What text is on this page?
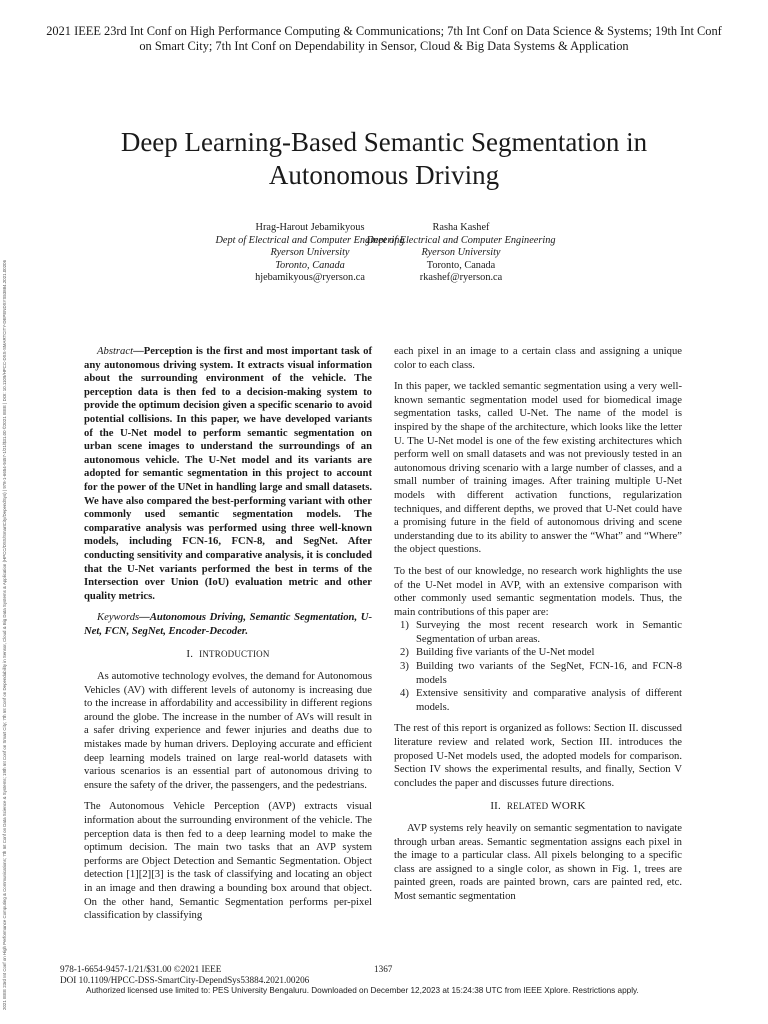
2021 IEEE 23rd Int Conf on High Performance Computing & Communications; 7th Int Conf on Data Science & Systems; 19th Int Conf on Smart City; 7th Int Conf on Dependability in Sensor, Cloud & Big Data Systems & Application (HPCC/DSS/SmartCity/DependSys) | 978-1-6654-9457-1/21/$31.00 ©2021 IEEE | DOI: 10.1109/HPCC-DSS-SMARTCITY-DEPENDSYS53884.2021.00206
2021 IEEE 23rd Int Conf on High Performance Computing & Communications; 7th Int Conf on Data Science & Systems; 19th Int Conf on Smart City; 7th Int Conf on Dependability in Sensor, Cloud & Big Data Systems & Application
Deep Learning-Based Semantic Segmentation in Autonomous Driving
Hrag-Harout Jebamikyous
Dept of Electrical and Computer Engineering
Ryerson University
Toronto, Canada
hjebamikyous@ryerson.ca
Rasha Kashef
Dept of Electrical and Computer Engineering
Ryerson University
Toronto, Canada
rkashef@ryerson.ca

Abstract—Perception is the first and most important task of any autonomous driving system. It extracts visual information about the surrounding environment of the vehicle. The perception data is then fed to a decision-making system to provide the optimum decision given a specific scenario to avoid potential collisions. In this paper, we have developed variants of the U-Net model to perform semantic segmentation on urban scene images to understand the surroundings of an autonomous vehicle. The U-Net model and its variants are adopted for semantic segmentation in this project to account for the power of the UNet in handling large and small datasets. We have also compared the best-performing variant with other commonly used semantic segmentation models. The comparative analysis was performed using three well-known models, including FCN-16, FCN-8, and SegNet. After conducting sensitivity and comparative analysis, it is concluded that the U-Net variants performed the best in terms of the Intersection over Union (IoU) evaluation metric and other quality metrics.

Keywords—Autonomous Driving, Semantic Segmentation, U-Net, FCN, SegNet, Encoder-Decoder.

I. INTRODUCTION

As automotive technology evolves, the demand for Autonomous Vehicles (AV) with different levels of autonomy is increasing due to the increase in affordability and accessibility in different regions around the globe. The increase in the number of AVs will result in a safer driving experience and fewer injuries and deaths due to mistakes made by human drivers. Deploying accurate and efficient deep learning models trained on large real-world datasets with various scenarios is an essential part of autonomous driving to ensure the safety of the driver, the passengers, and the pedestrians.

The Autonomous Vehicle Perception (AVP) extracts visual information about the surrounding environment of the vehicle. The perception data is then fed to a deep learning model to make the optimum decision. The main two tasks that an AVP system performs are Object Detection and Semantic Segmentation. Object detection [1][2][3] is the task of classifying and locating an object in an image and then drawing a bounding box around that object. On the other hand, Semantic Segmentation performs per-pixel classification by classifying

each pixel in an image to a certain class and assigning a unique color to each class.

In this paper, we tackled semantic segmentation using a very well-known semantic segmentation model used for biomedical image segmentation tasks, called U-Net. The name of the model is inspired by the shape of the architecture, which looks like the letter U. The U-Net model is one of the few existing architectures which perform well on small datasets and was not previously tested in an autonomous driving scenario with a large number of classes, and a small number of training images. After training multiple U-Net models with different activation functions, regularization techniques, and different depths, we proved that U-Net could have a promising future in the field of autonomous driving and scene understanding due to its ability to answer the “What” and “Where” the object questions.

To the best of our knowledge, no research work highlights the use of the U-Net model in AVP, with an extensive comparison with other commonly used semantic segmentation models. Thus, the main contributions of this paper are:

1) Surveying the most recent research work in Semantic Segmentation of urban areas.
2) Building five variants of the U-Net model
3) Building two variants of the SegNet, FCN-16, and FCN-8 models
4) Extensive sensitivity and comparative analysis of different models.

The rest of this report is organized as follows: Section II. discussed literature review and related work, Section III. introduces the proposed U-Net models used, the adopted models for comparison. Section IV shows the experimental results, and finally, Section V concludes the paper and discusses future directions.

II. RELATED WORK

AVP systems rely heavily on semantic segmentation to navigate through urban areas. Semantic segmentation assigns each pixel in the image to a particular class. All pixels belonging to a specific class are assigned to a single color, as shown in Fig. 1, trees are painted green, roads are painted brown, cars are painted red, etc. Most semantic segmentation

978-1-6654-9457-1/21/$31.00 ©2021 IEEE
DOI 10.1109/HPCC-DSS-SmartCity-DependSys53884.2021.00206
1367
Authorized licensed use limited to: PES University Bengaluru. Downloaded on December 12,2023 at 15:24:38 UTC from IEEE Xplore. Restrictions apply.
